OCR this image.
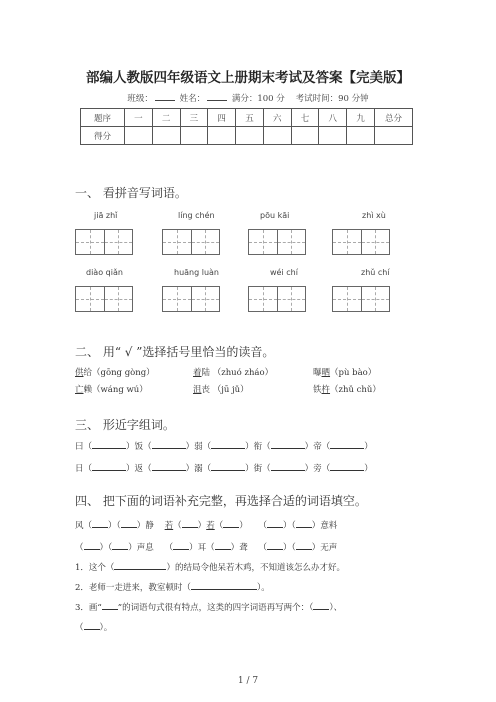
部编人教版四年级语文上册期末考试及答案【完美版】
班级：	姓名：	满分：100 分 考试时间：90 分钟
题序	一	二	三	四	五	六	七	八	九	总分
得分										
一、 看拼音写词语。
jiā zhǐ	líng chén	pōu kāi	zhì xù
diào qiǎn	huāng luàn	wéi chí	zhǔ chí
二、 用“ √ ”选择括号里恰当的读音。
供给（gōng gòng）	着陆 （zhuó zháo）	曝晒（pù bào）
亡赖（wáng wú）	沮丧 （jū jǔ）	铁杵（zhǔ chǔ）
三、 形近字组词。
曰（	）饭（	）弱（	）衔（	）帝（	）
日（	）返（	）溺（	）街（	）旁（	）
四、 把下面的词语补充完整，再选择合适的词语填空。
风（ ）（ ）静 若（ ）若（ ）    （ ）（ ）意料
（ ）（ ）声息    （ ）耳（ ）聋    （ ）（ ）无声
1．这个（	）的结局令他呆若木鸡，不知道该怎么办才好。
2．老师一走进来，教室顿时（	）。
3．画“ ”的词语句式很有特点，这类的四字词语再写两个：（ ）、
（ ）。
1 / 7
